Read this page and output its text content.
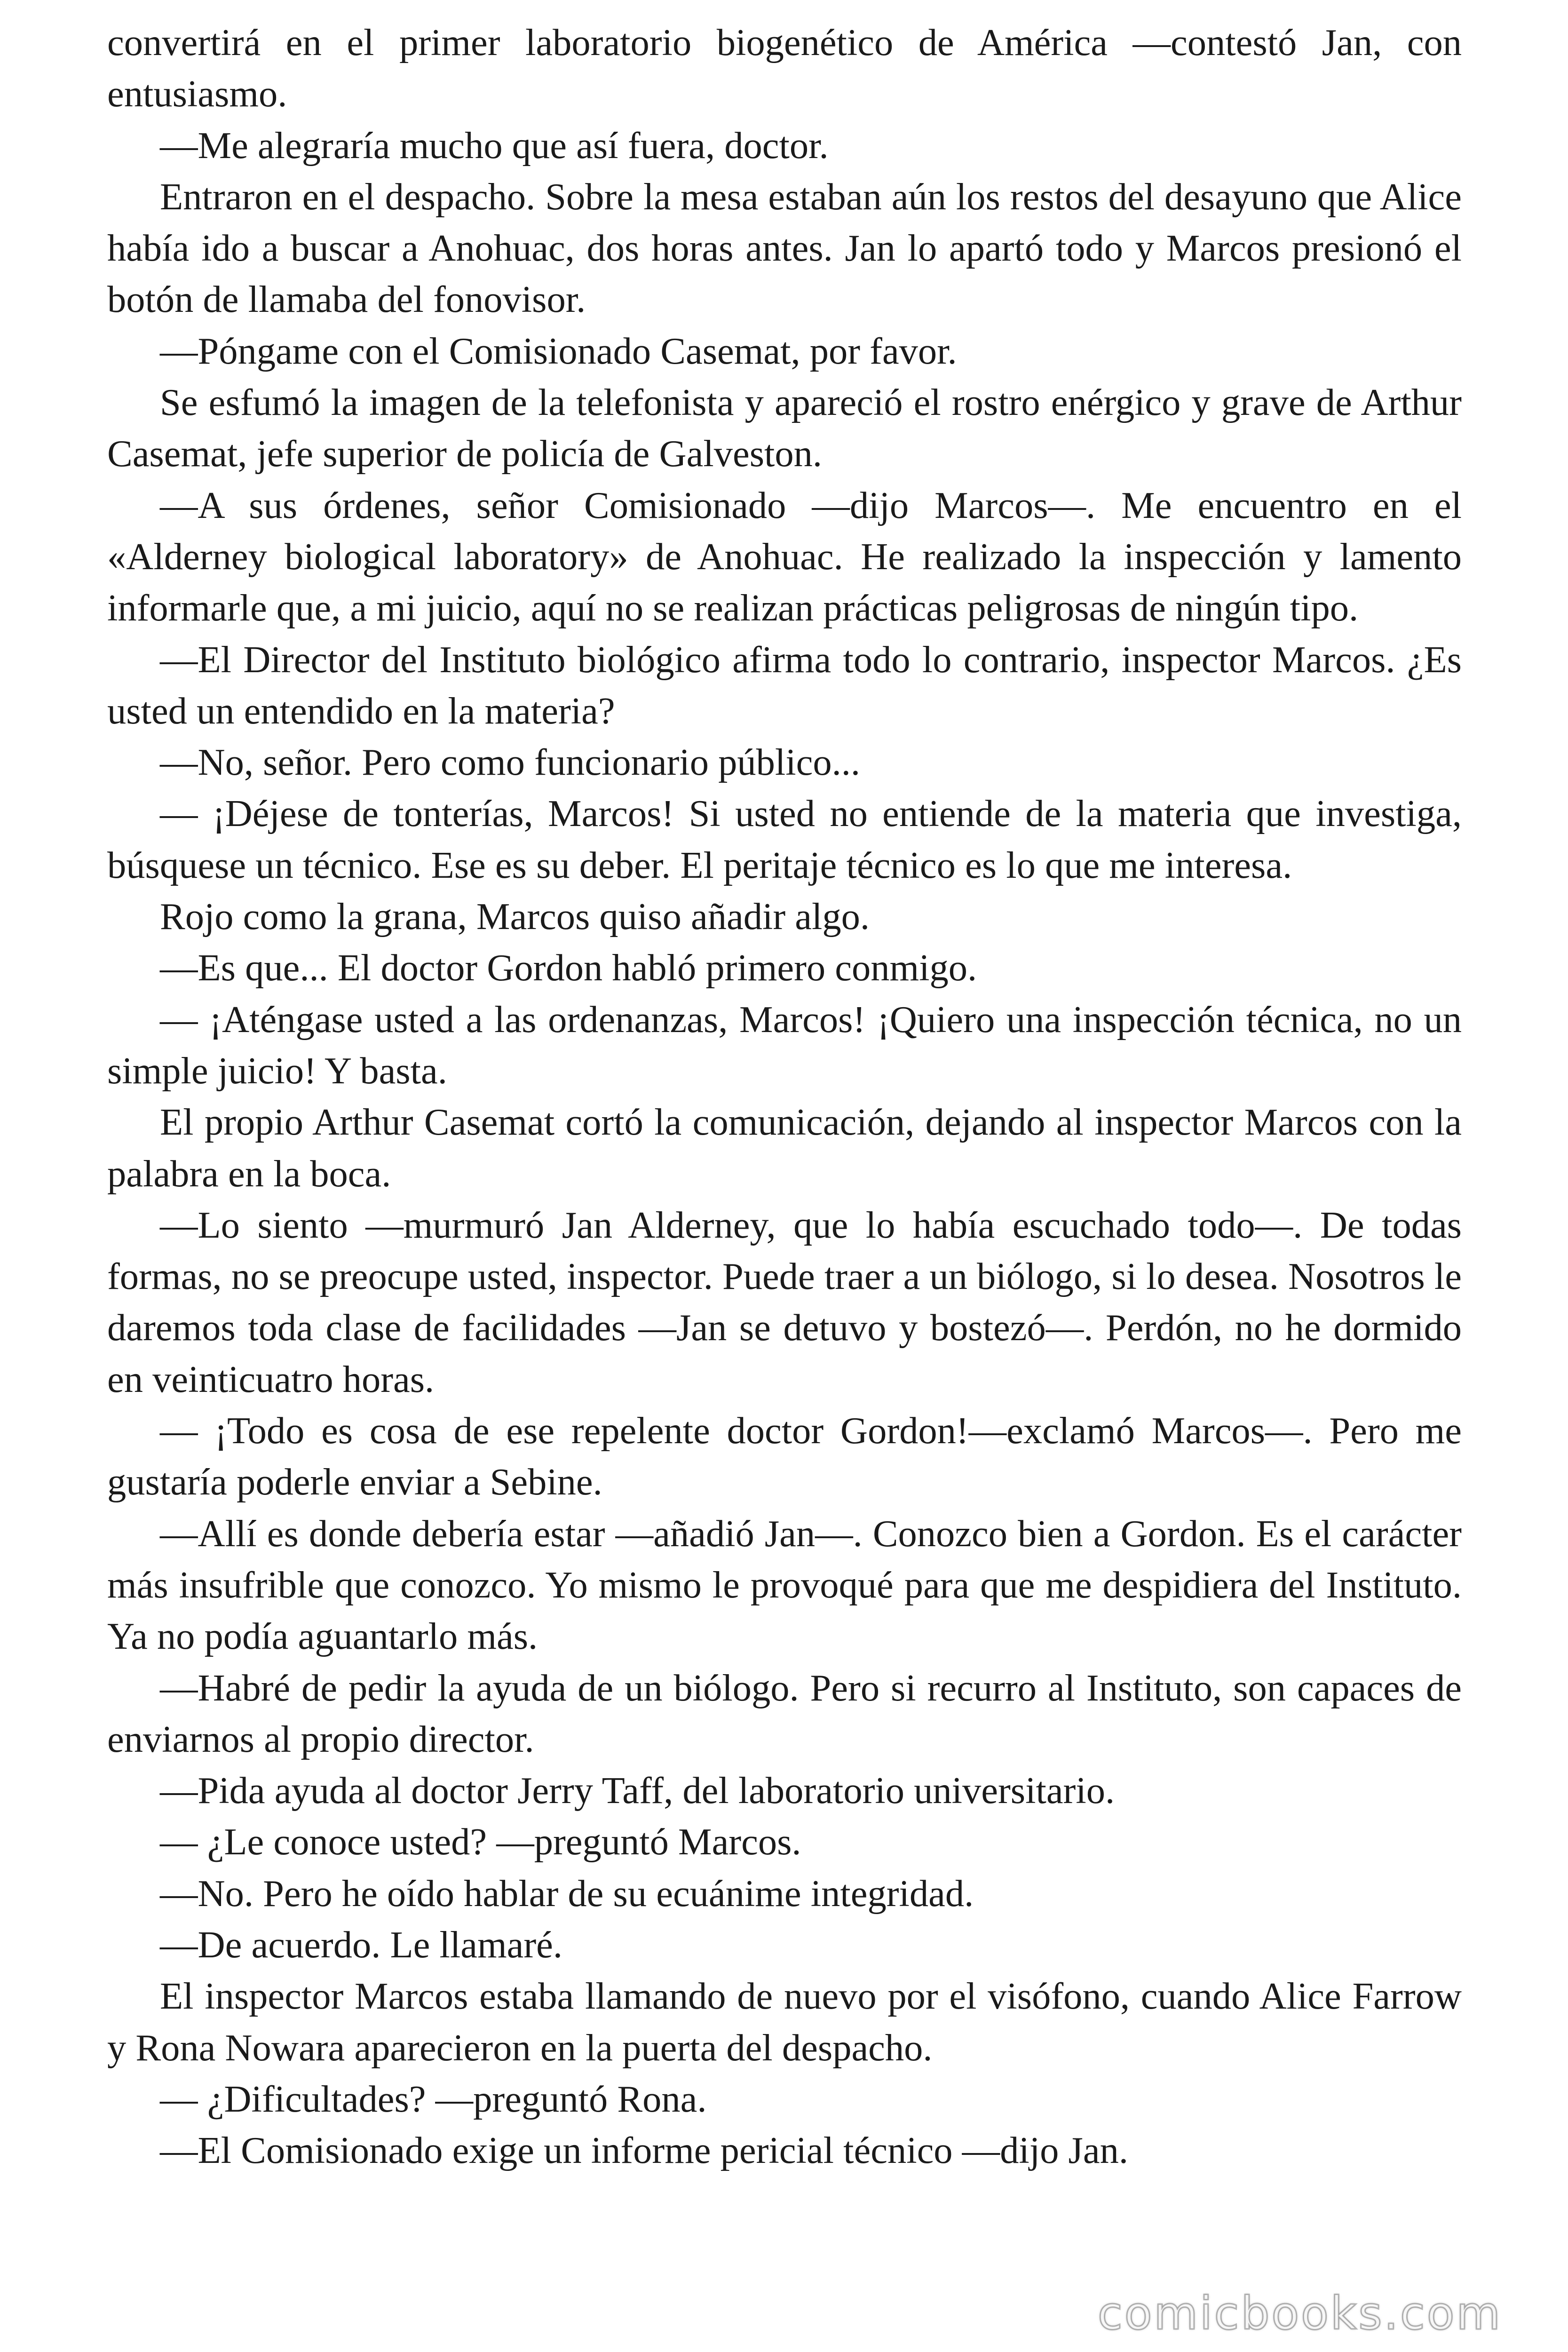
convertirá en el primer laboratorio biogenético de América —contestó Jan, con entusiasmo.

—Me alegraría mucho que así fuera, doctor.

Entraron en el despacho. Sobre la mesa estaban aún los restos del desayuno que Alice había ido a buscar a Anohuac, dos horas antes. Jan lo apartó todo y Marcos presionó el botón de llamaba del fonovisor.

—Póngame con el Comisionado Casemat, por favor.

Se esfumó la imagen de la telefonista y apareció el rostro enérgico y grave de Arthur Casemat, jefe superior de policía de Galveston.

—A sus órdenes, señor Comisionado —dijo Marcos—. Me encuentro en el «Alderney biological laboratory» de Anohuac. He realizado la inspección y lamento informarle que, a mi juicio, aquí no se realizan prácticas peligrosas de ningún tipo.

—El Director del Instituto biológico afirma todo lo contrario, inspector Marcos. ¿Es usted un entendido en la materia?

—No, señor. Pero como funcionario público...

— ¡Déjese de tonterías, Marcos! Si usted no entiende de la materia que investiga, búsquese un técnico. Ese es su deber. El peritaje técnico es lo que me interesa.

Rojo como la grana, Marcos quiso añadir algo.

—Es que... El doctor Gordon habló primero conmigo.

— ¡Aténgase usted a las ordenanzas, Marcos! ¡Quiero una inspección técnica, no un simple juicio! Y basta.

El propio Arthur Casemat cortó la comunicación, dejando al inspector Marcos con la palabra en la boca.

—Lo siento —murmuró Jan Alderney, que lo había escuchado todo—. De todas formas, no se preocupe usted, inspector. Puede traer a un biólogo, si lo desea. Nosotros le daremos toda clase de facilidades —Jan se detuvo y bostezó—. Perdón, no he dormido en veinticuatro horas.

— ¡Todo es cosa de ese repelente doctor Gordon!—exclamó Marcos—. Pero me gustaría poderle enviar a Sebine.

—Allí es donde debería estar —añadió Jan—. Conozco bien a Gordon. Es el carácter más insufrible que conozco. Yo mismo le provoqué para que me despidiera del Instituto. Ya no podía aguantarlo más.

—Habré de pedir la ayuda de un biólogo. Pero si recurro al Instituto, son capaces de enviarnos al propio director.

—Pida ayuda al doctor Jerry Taff, del laboratorio universitario.

— ¿Le conoce usted? —preguntó Marcos.

—No. Pero he oído hablar de su ecuánime integridad.

—De acuerdo. Le llamaré.

El inspector Marcos estaba llamando de nuevo por el visófono, cuando Alice Farrow y Rona Nowara aparecieron en la puerta del despacho.

— ¿Dificultades? —preguntó Rona.

—El Comisionado exige un informe pericial técnico —dijo Jan.

comicbooks.com
